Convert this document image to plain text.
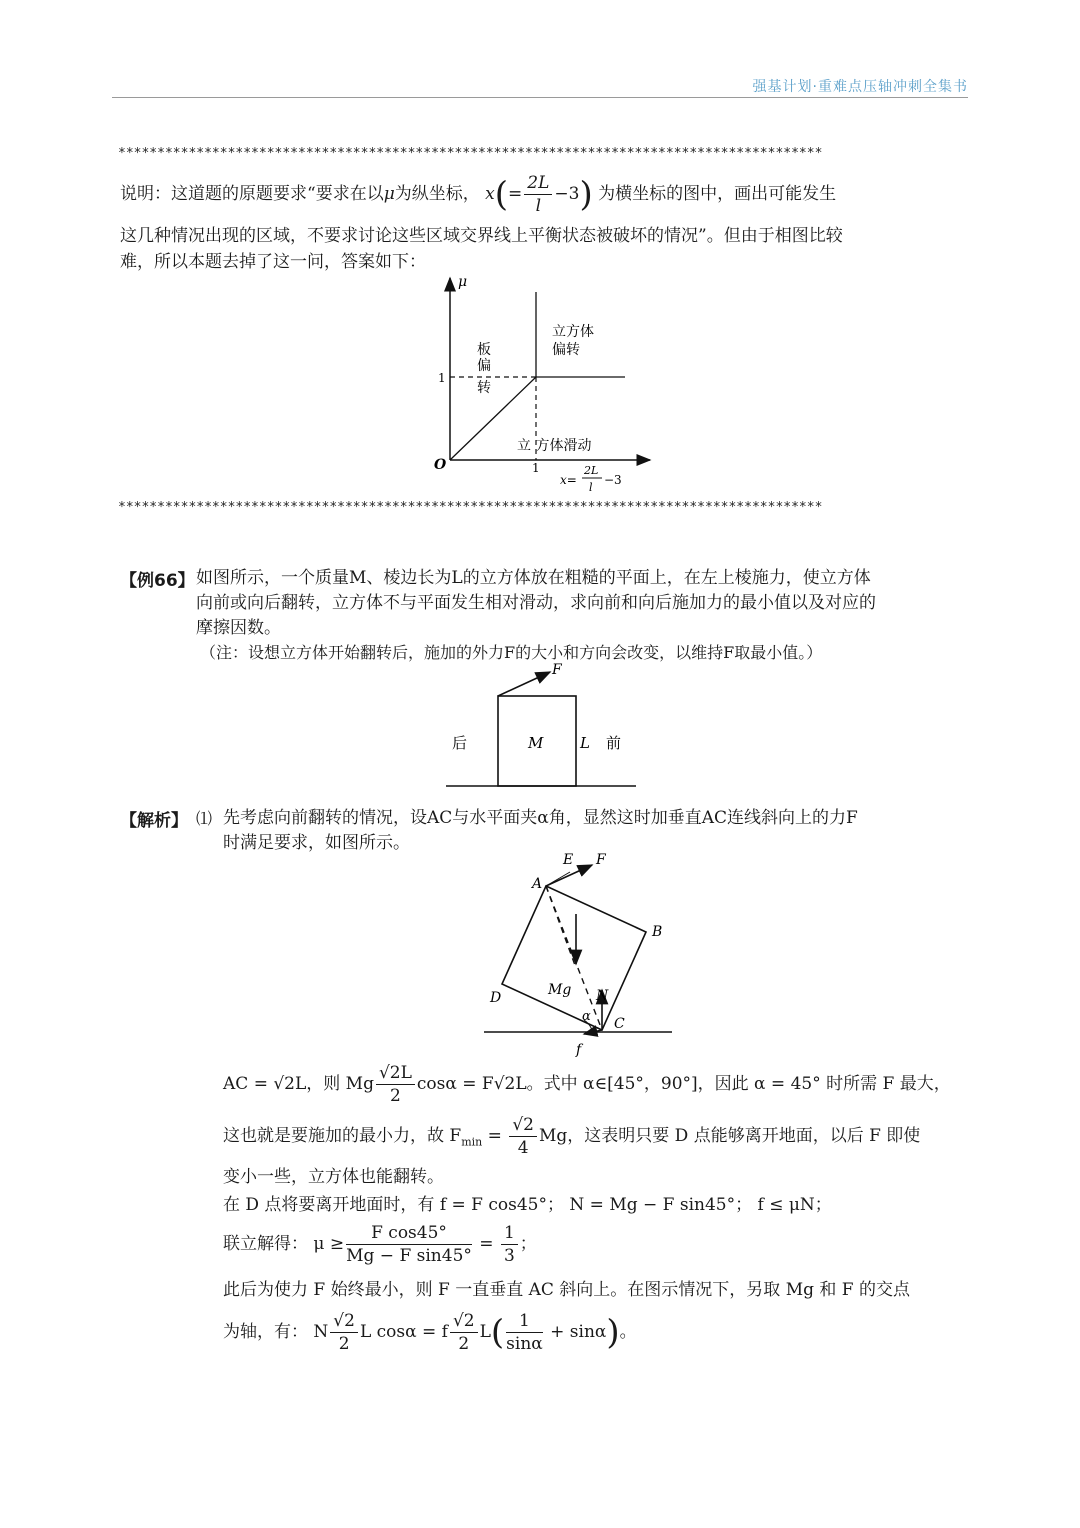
强基计划·重难点压轴冲刺全集书
******************************************************************************************
说明：这道题的原题要求“要求在以μ为纵坐标， $x(= \frac{2L}{l} -3)$ 为横坐标的图中，画出可能发生
这几种情况出现的区域，不要求讨论这些区域交界线上平衡状态被破坏的情况”。但由于相图比较
难，所以本题去掉了这一问，答案如下：
μ
O
1
1
立方体
偏转
板
偏
转
立 方体滑动
x=
2L
l
−3
******************************************************************************************
【例66】 如图所示，一个质量M、棱边长为L的立方体放在粗糙的平面上，在左上棱施力，使立方体
向前或向后翻转，立方体不与平面发生相对滑动，求向前和向后施加力的最小值以及对应的
摩擦因数。
（注：设想立方体开始翻转后，施加的外力F的大小和方向会改变，以维持F取最小值。）
F
后	M L 前
【解析】 ⑴ 先考虑向前翻转的情况，设AC与水平面夹α角，显然这时加垂直AC连线斜向上的力F
时满足要求，如图所示。
E F
A
B
D	Mg N
α C
f
AC = √2L，则 Mg $\frac{√2L}{2}$ cosα = F√2L。式中 α∈[45°，90°]，因此 α = 45° 时所需 F 最大，
这也就是要施加的最小力，故 $F_{min} = \frac{√2}{4}$ Mg，这表明只要 D 点能够离开地面，以后 F 即使
变小一些，立方体也能翻转。
在 D 点将要离开地面时，有 f = F cos45°； N = Mg − F sin45°； f ≤ μN；
联立解得： $\mu \ge \frac{\text{F cos45°}}{\text{Mg − F sin45°}} = \frac{1}{3}$ ；
此后为使力 F 始终最小，则 F 一直垂直 AC 斜向上。在图示情况下，另取 Mg 和 F 的交点
为轴，有： N $\frac{√2}{2}$ L cosα = f $\frac{√2}{2} L( \frac{1}{\sin\alpha} + \sin\alpha)$。
